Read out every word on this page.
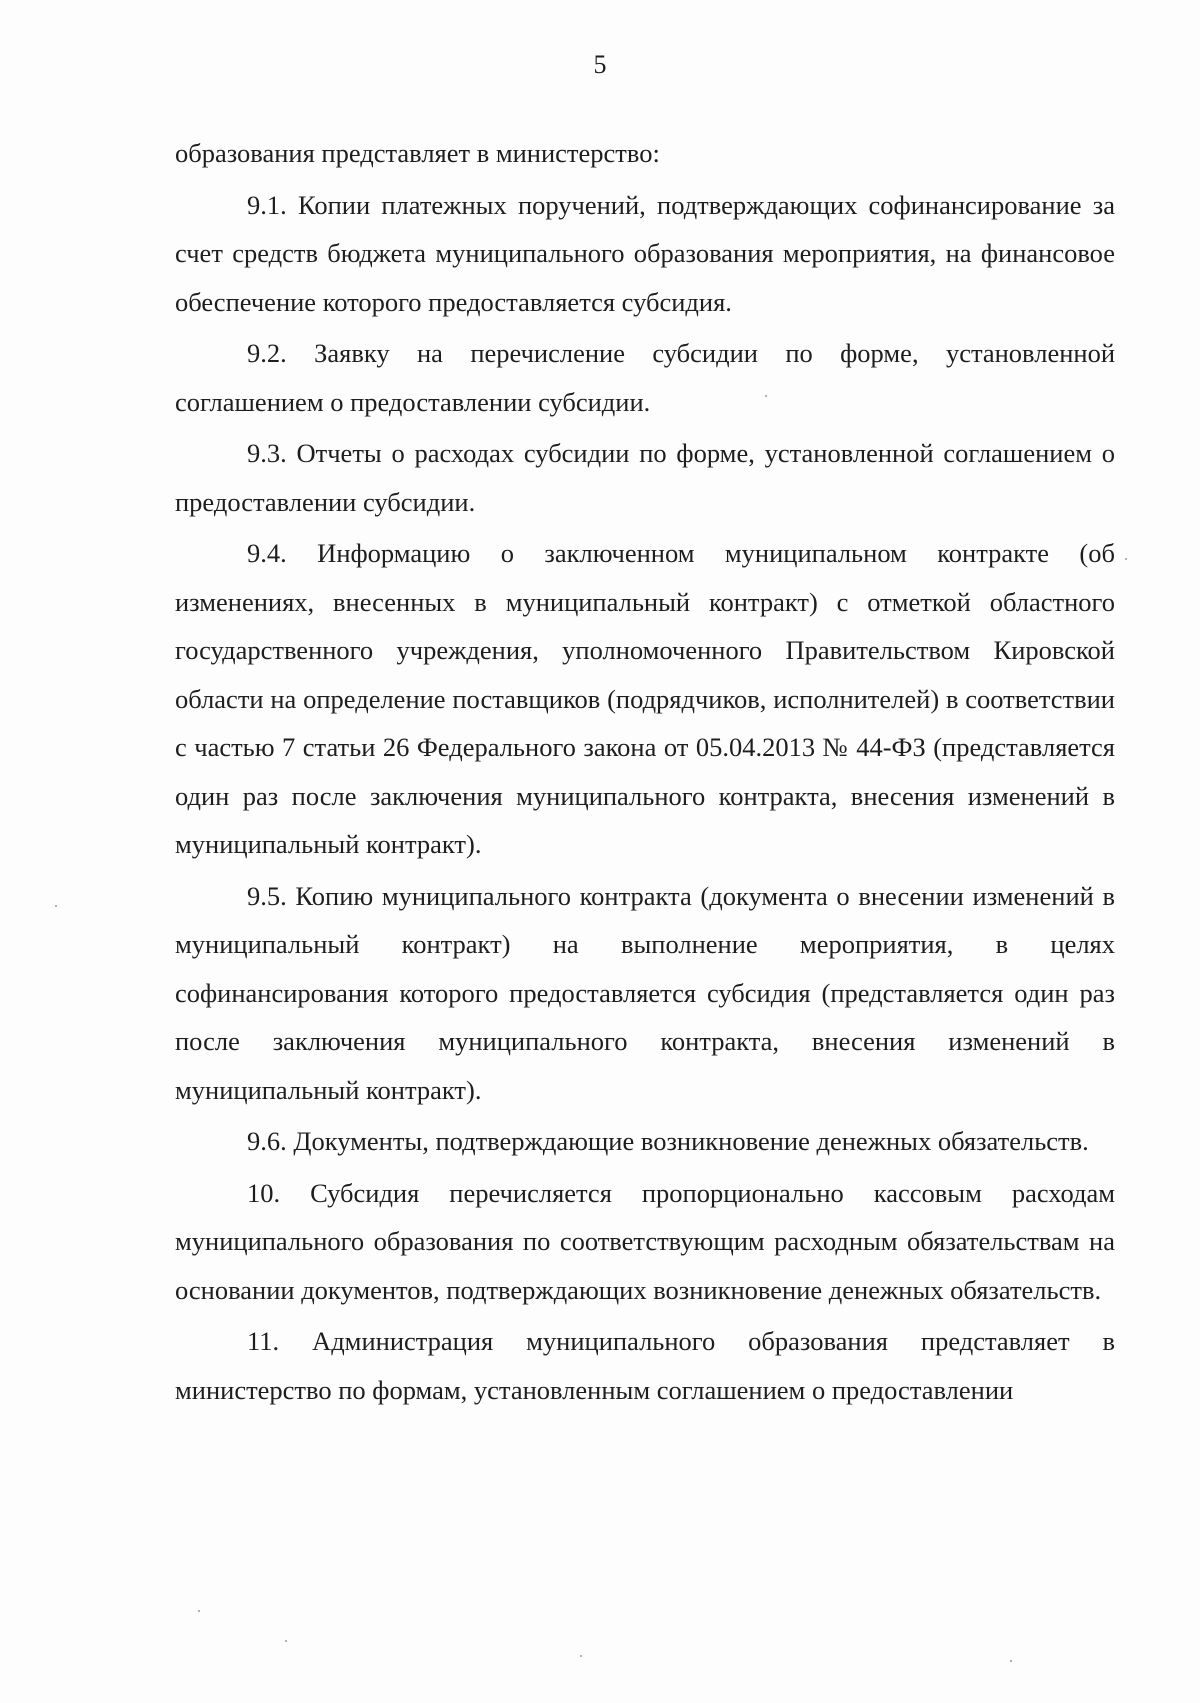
5

образования представляет в министерство:

9.1. Копии платежных поручений, подтверждающих софинансирование за счет средств бюджета муниципального образования мероприятия, на финансовое обеспечение которого предоставляется субсидия.

9.2. Заявку на перечисление субсидии по форме, установленной соглашением о предоставлении субсидии.

9.3. Отчеты о расходах субсидии по форме, установленной соглашением о предоставлении субсидии.

9.4. Информацию о заключенном муниципальном контракте (об изменениях, внесенных в муниципальный контракт) с отметкой областного государственного учреждения, уполномоченного Правительством Кировской области на определение поставщиков (подрядчиков, исполнителей) в соответствии с частью 7 статьи 26 Федерального закона от 05.04.2013 № 44-ФЗ (представляется один раз после заключения муниципального контракта, внесения изменений в муниципальный контракт).

9.5. Копию муниципального контракта (документа о внесении изменений в муниципальный контракт) на выполнение мероприятия, в целях софинансирования которого предоставляется субсидия (представляется один раз после заключения муниципального контракта, внесения изменений в муниципальный контракт).

9.6. Документы, подтверждающие возникновение денежных обязательств.

10. Субсидия перечисляется пропорционально кассовым расходам муниципального образования по соответствующим расходным обязательствам на основании документов, подтверждающих возникновение денежных обязательств.

11. Администрация муниципального образования представляет в министерство по формам, установленным соглашением о предоставлении
